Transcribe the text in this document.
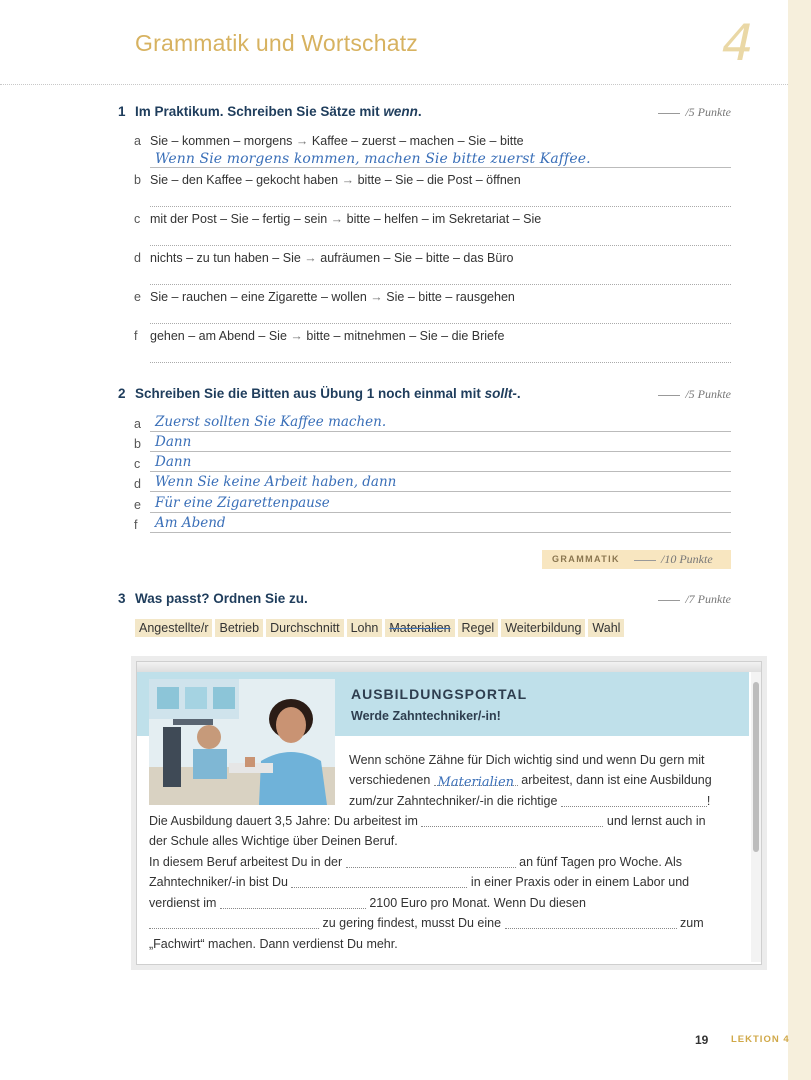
Grammatik und Wortschatz	4
1 Im Praktikum. Schreiben Sie Sätze mit wenn.	/5 Punkte
a Sie – kommen – morgens → Kaffee – zuerst – machen – Sie – bitte
Wenn Sie morgens kommen, machen Sie bitte zuerst Kaffee.
b Sie – den Kaffee – gekocht haben → bitte – Sie – die Post – öffnen
c mit der Post – Sie – fertig – sein → bitte – helfen – im Sekretariat – Sie
d nichts – zu tun haben – Sie → aufräumen – Sie – bitte – das Büro
e Sie – rauchen – eine Zigarette – wollen → Sie – bitte – rausgehen
f gehen – am Abend – Sie → bitte – mitnehmen – Sie – die Briefe
2 Schreiben Sie die Bitten aus Übung 1 noch einmal mit sollt-.	/5 Punkte
a Zuerst sollten Sie Kaffee machen.
b Dann
c Dann
d Wenn Sie keine Arbeit haben, dann
e Für eine Zigarettenpause
f Am Abend
GRAMMATIK	/10 Punkte
3 Was passt? Ordnen Sie zu.	/7 Punkte
Angestellte/r Betrieb Durchschnitt Lohn Materialien Regel Weiterbildung Wahl
AUSBILDUNGSPORTAL
Werde Zahntechniker/-in!
Wenn schöne Zähne für Dich wichtig sind und wenn Du gern mit
verschiedenen Materialien arbeitest, dann ist eine Ausbildung
zum/zur Zahntechniker/-in die richtige	!
Die Ausbildung dauert 3,5 Jahre: Du arbeitest im	und lernst auch in
der Schule alles Wichtige über Deinen Beruf.
In diesem Beruf arbeitest Du in der	an fünf Tagen pro Woche. Als
Zahntechniker/-in bist Du	in einer Praxis oder in einem Labor und
verdienst im	2100 Euro pro Monat. Wenn Du diesen
zu gering findest, musst Du eine	zum
„Fachwirt“ machen. Dann verdienst Du mehr.
19 LEKTION 4
